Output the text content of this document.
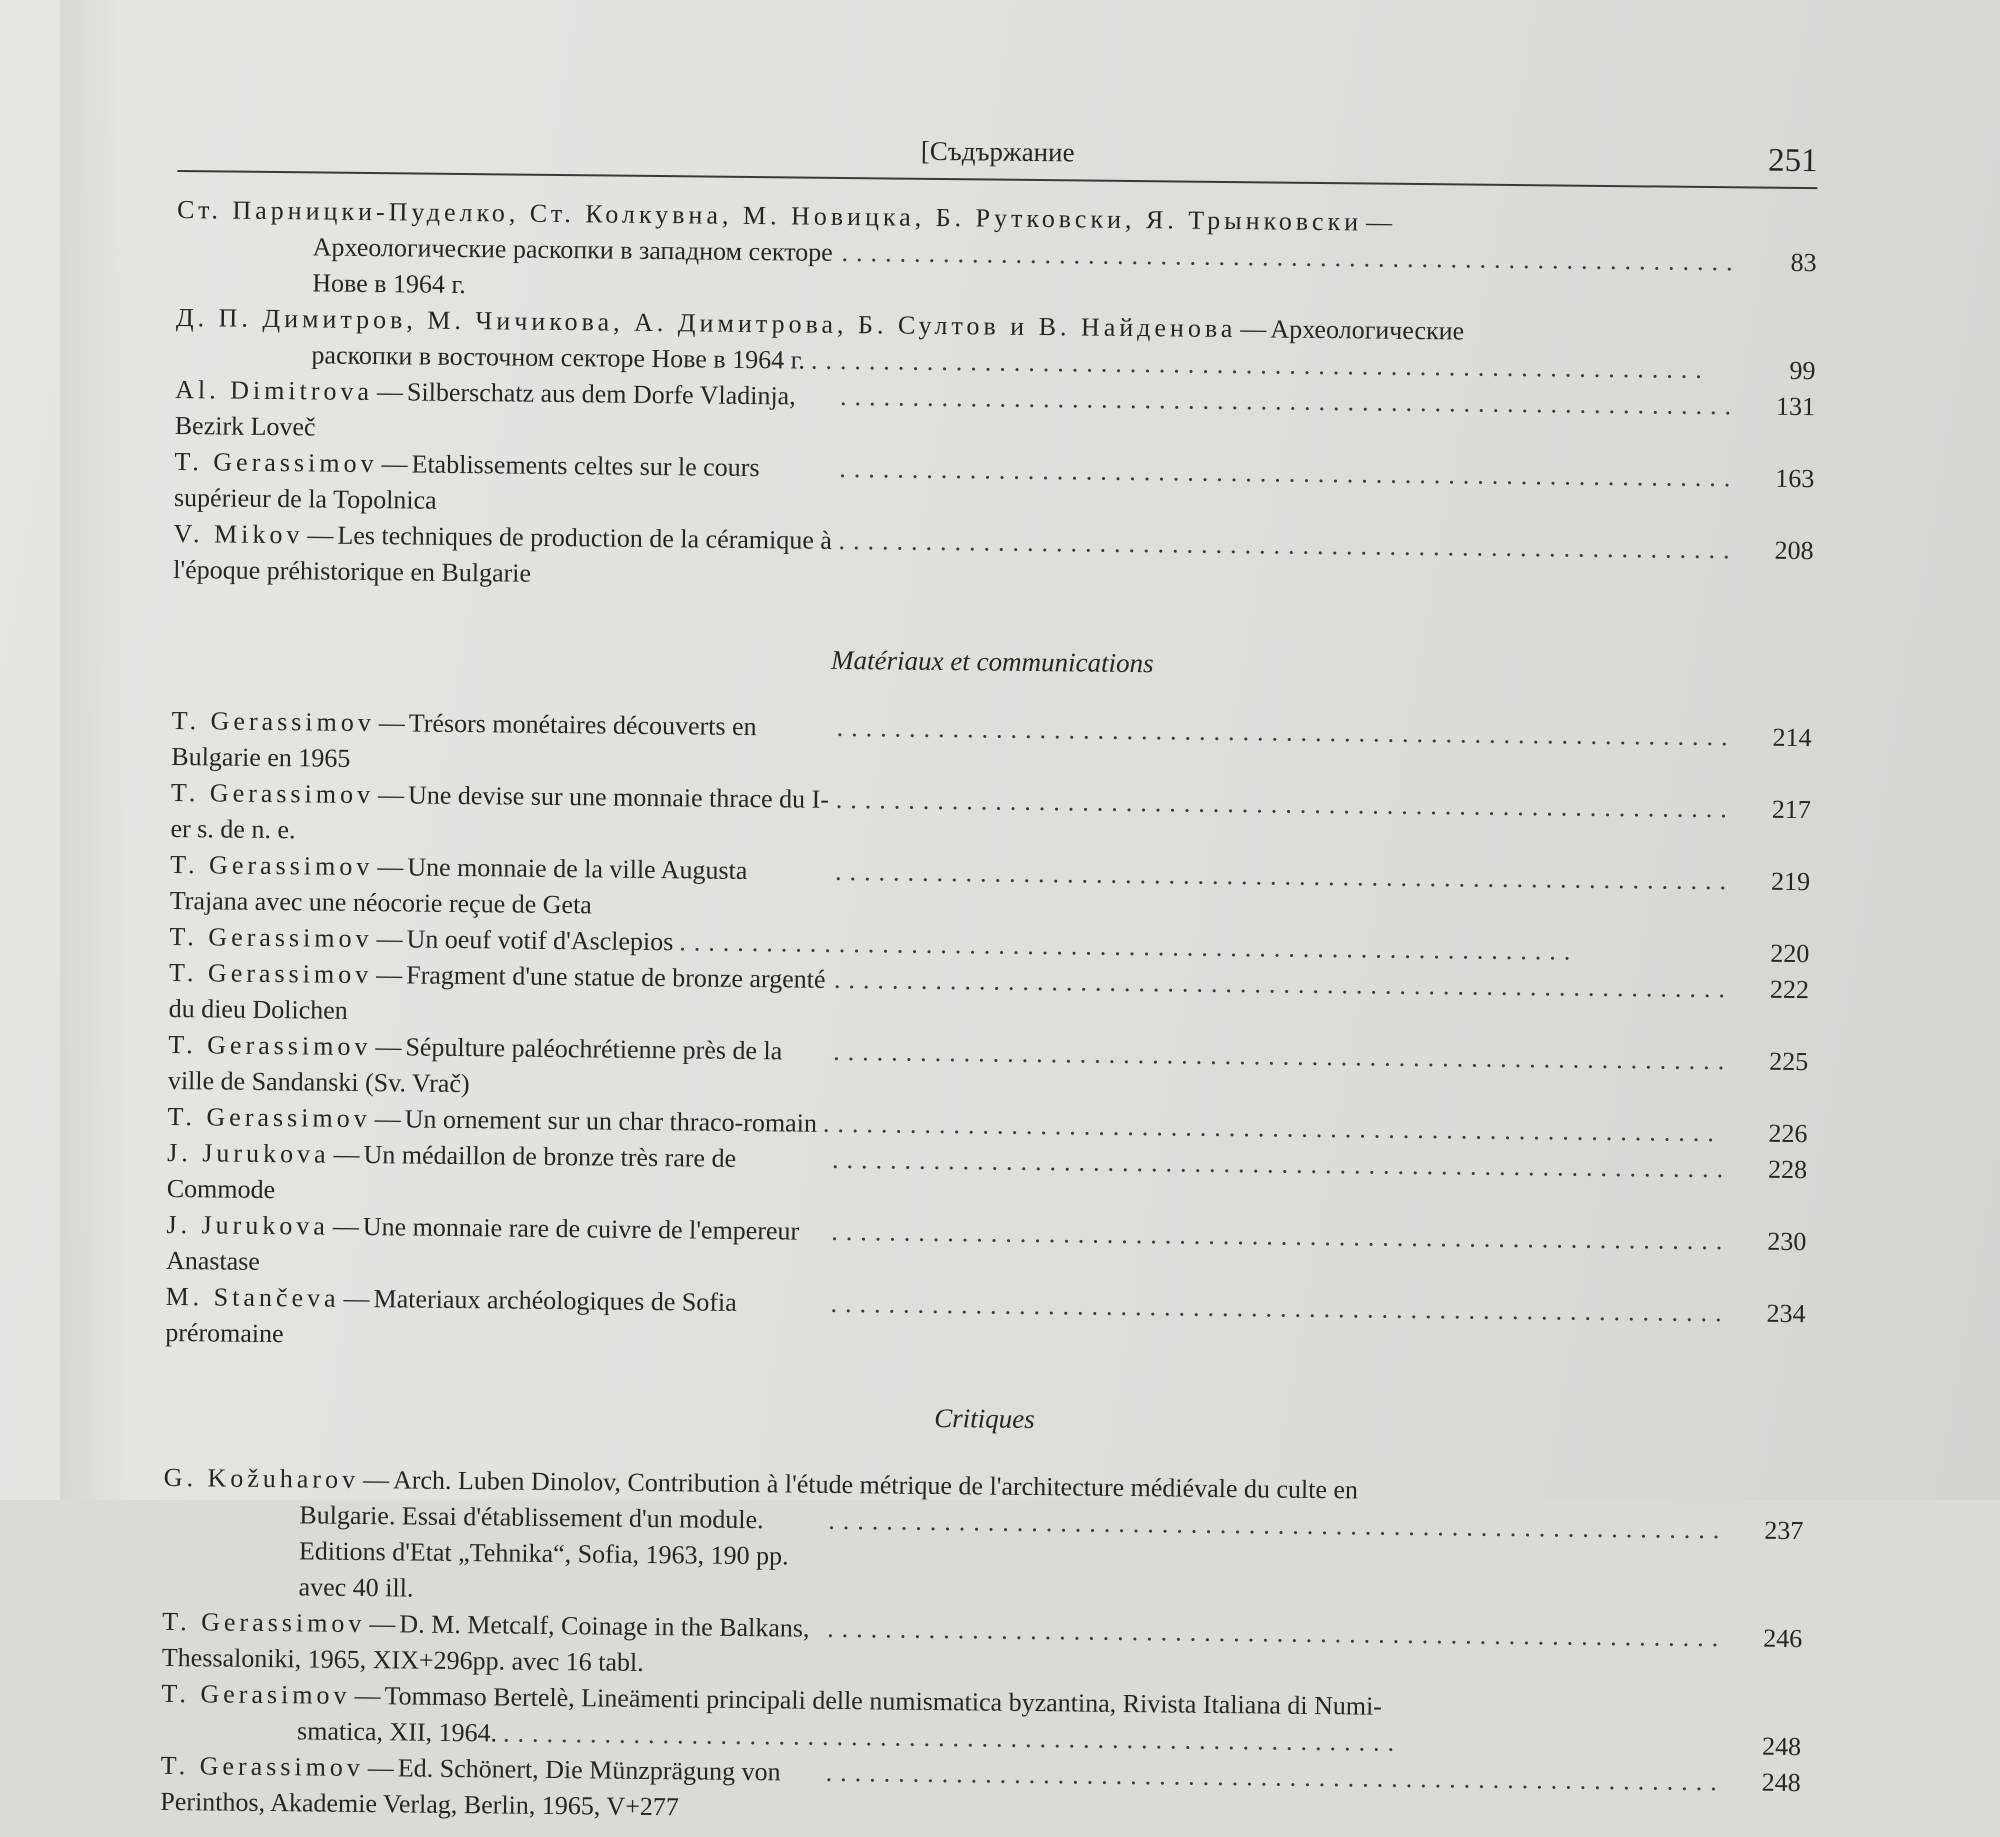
[Съдържание	251
Ст. Парницки-Пуделко, Ст. Колкувна, М. Новицка, Б. Рутковски, Я. Трынковски —
Археологические раскопки в западном секторе Нове в 1964 г.
..............................................................	83
Д. П. Димитров, М. Чичикова, А. Димитрова, Б. Султов и В. Найденова — Археологические
раскопки в восточном секторе Нове в 1964 г. ..............................................................	99
Al. Dimitrova — Silberschatz aus dem Dorfe Vladinja, Bezirk Loveč
..............................................................	131
T. Gerassimov — Etablissements celtes sur le cours supérieur de la Topolnica
..............................................................	163
V. Mikov — Les techniques de production de la céramique à l'époque préhistorique en Bulgarie
..............................................................	208
Matériaux et communications
T. Gerassimov — Trésors monétaires découverts en Bulgarie en 1965
..............................................................	214
T. Gerassimov — Une devise sur une monnaie thrace du I-er s. de n. e.
..............................................................	217
T. Gerassimov — Une monnaie de la ville Augusta Trajana avec une néocorie reçue de Geta
..............................................................	219
T. Gerassimov — Un oeuf votif d'Asclepios ..............................................................	220
T. Gerassimov — Fragment d'une statue de bronze argenté du dieu Dolichen
..............................................................	222
T. Gerassimov — Sépulture paléochrétienne près de la ville de Sandanski (Sv. Vrač)
..............................................................	225
T. Gerassimov — Un ornement sur un char thraco-romain ..............................................................	226
J. Jurukova — Un médaillon de bronze très rare de Commode
..............................................................	228
J. Jurukova — Une monnaie rare de cuivre de l'empereur Anastase
..............................................................	230
M. Stančeva — Materiaux archéologiques de Sofia préromaine
..............................................................	234
Critiques
G. Kožuharov — Arch. Luben Dinolov, Contribution à l'étude métrique de l'architecture médiévale du culte en
Bulgarie. Essai d'établissement d'un module. Editions d'Etat „Tehnika“, Sofia, 1963, 190 pp. avec 40 ill.
..............................................................	237
T. Gerassimov — D. M. Metcalf, Coinage in the Balkans, Thessaloniki, 1965, XIX+296pp. avec 16 tabl.
..............................................................	246
T. Gerasimov — Tommaso Bertelè, Lineämenti principali delle numismatica byzantina, Rivista Italiana di Numi-
smatica, XII, 1964. ..............................................................	248
T. Gerassimov — Ed. Schönert, Die Münzprägung von Perinthos, Akademie Verlag, Berlin, 1965, V+277
..............................................................	248
